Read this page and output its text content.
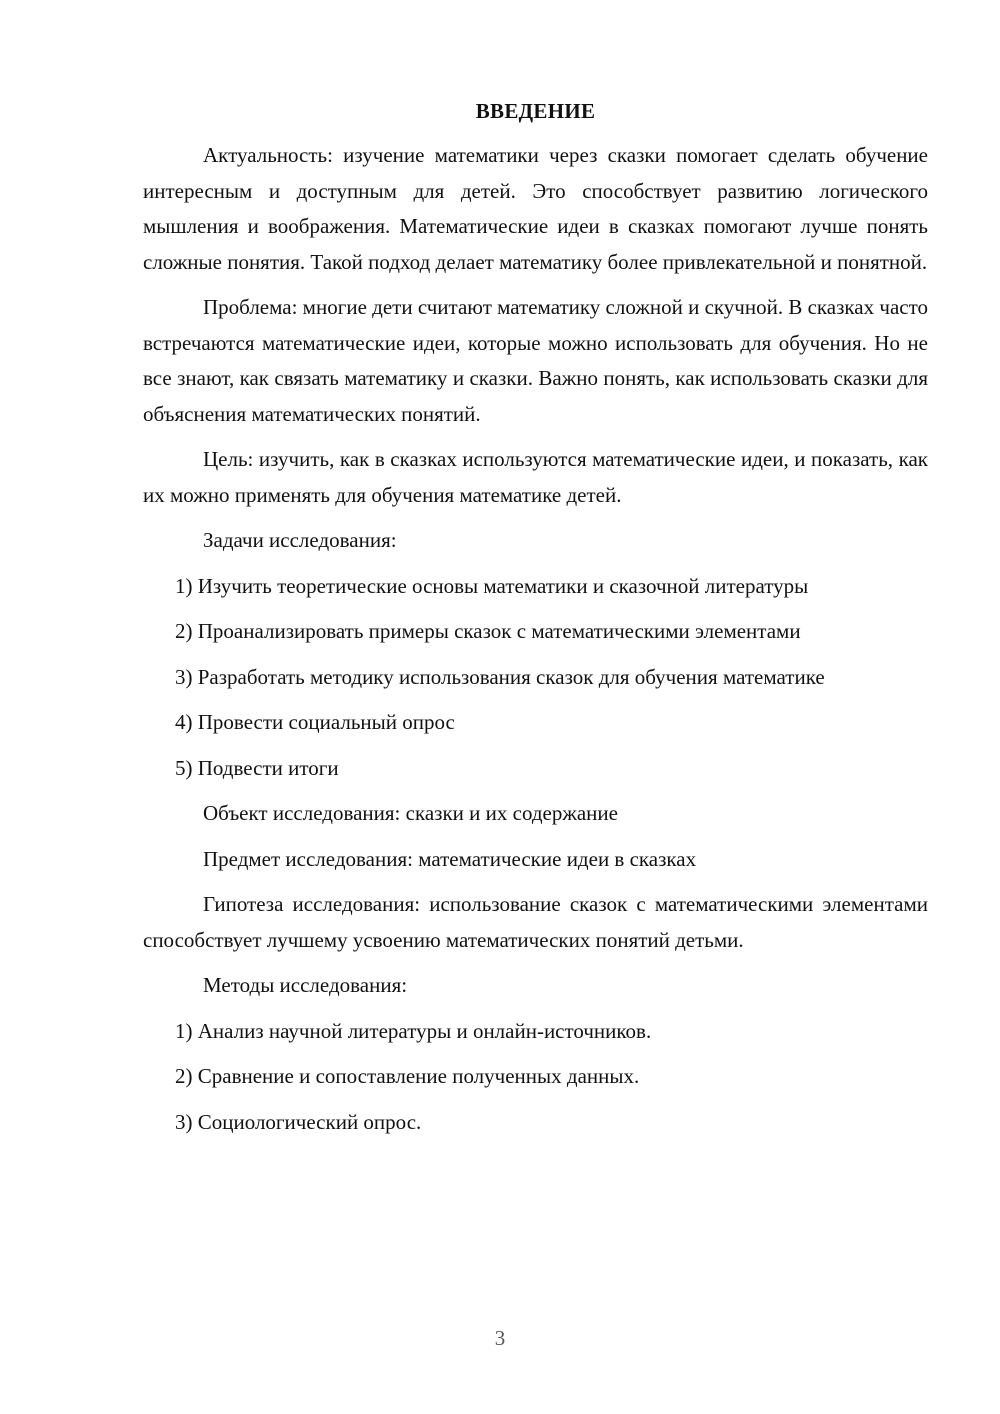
ВВЕДЕНИЕ

Актуальность: изучение математики через сказки помогает сделать обучение интересным и доступным для детей. Это способствует развитию логического мышления и воображения. Математические идеи в сказках помогают лучше понять сложные понятия. Такой подход делает математику более привлекательной и понятной.

Проблема: многие дети считают математику сложной и скучной. В сказках часто встречаются математические идеи, которые можно использовать для обучения. Но не все знают, как связать математику и сказки. Важно понять, как использовать сказки для объяснения математических понятий.

Цель: изучить, как в сказках используются математические идеи, и показать, как их можно применять для обучения математике детей.

Задачи исследования:

1) Изучить теоретические основы математики и сказочной литературы

2) Проанализировать примеры сказок с математическими элементами

3) Разработать методику использования сказок для обучения математике

4) Провести социальный опрос

5) Подвести итоги

Объект исследования: сказки и их содержание

Предмет исследования: математические идеи в сказках

Гипотеза исследования: использование сказок с математическими элементами способствует лучшему усвоению математических понятий детьми.

Методы исследования:

1) Анализ научной литературы и онлайн-источников.

2) Сравнение и сопоставление полученных данных.

3) Социологический опрос.

3
